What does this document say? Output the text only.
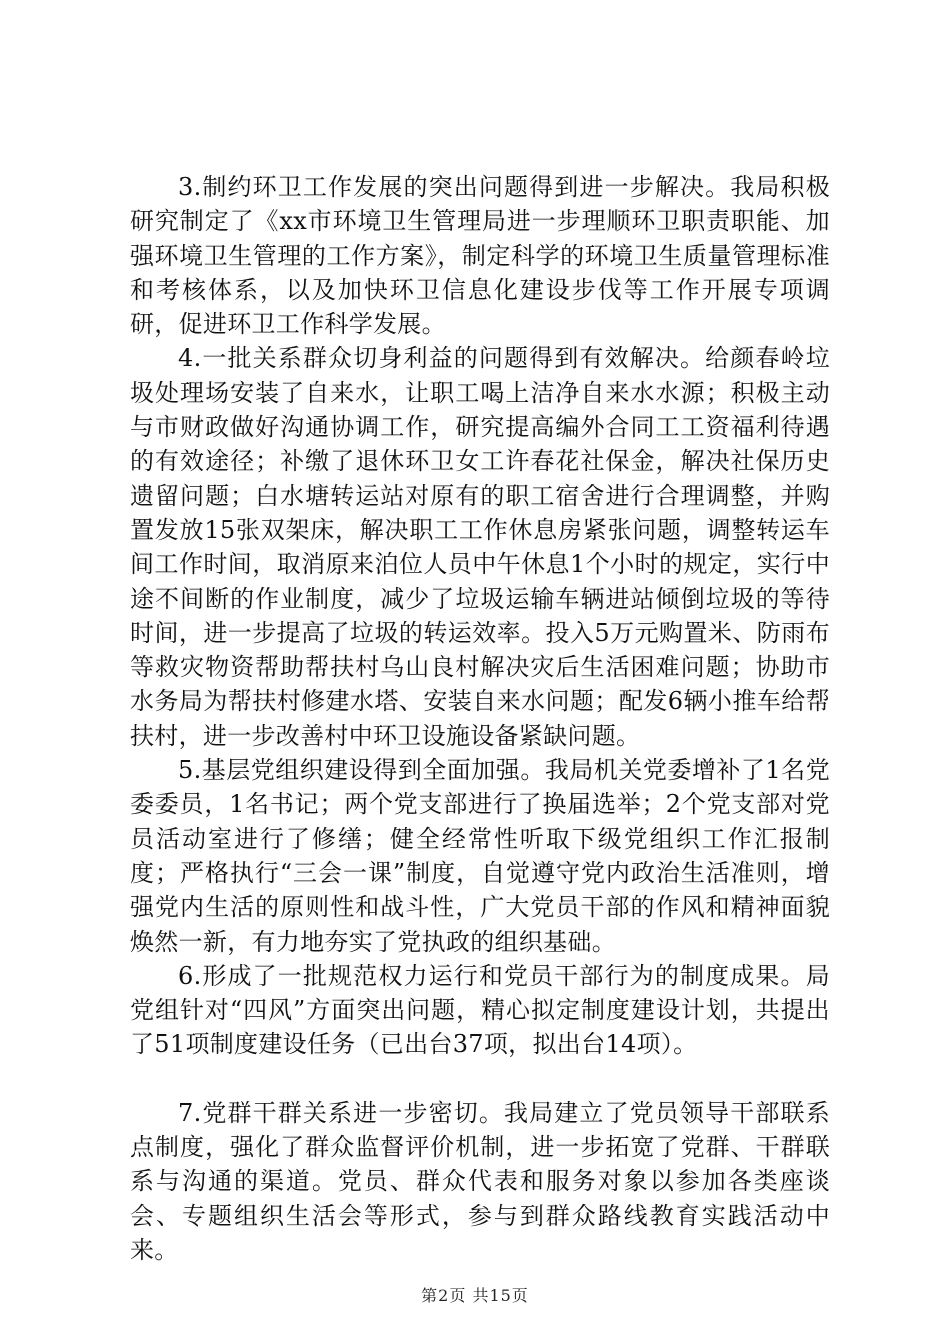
3.制约环卫工作发展的突出问题得到进一步解决。我局积极研究制定了《xx市环境卫生管理局进一步理顺环卫职责职能、加强环境卫生管理的工作方案》，制定科学的环境卫生质量管理标准和考核体系，以及加快环卫信息化建设步伐等工作开展专项调研，促进环卫工作科学发展。

4.一批关系群众切身利益的问题得到有效解决。给颜春岭垃圾处理场安装了自来水，让职工喝上洁净自来水水源；积极主动与市财政做好沟通协调工作，研究提高编外合同工工资福利待遇的有效途径；补缴了退休环卫女工许春花社保金，解决社保历史遗留问题；白水塘转运站对原有的职工宿舍进行合理调整，并购置发放15张双架床，解决职工工作休息房紧张问题，调整转运车间工作时间，取消原来泊位人员中午休息1个小时的规定，实行中途不间断的作业制度，减少了垃圾运输车辆进站倾倒垃圾的等待时间，进一步提高了垃圾的转运效率。投入5万元购置米、防雨布等救灾物资帮助帮扶村乌山良村解决灾后生活困难问题；协助市水务局为帮扶村修建水塔、安装自来水问题；配发6辆小推车给帮扶村，进一步改善村中环卫设施设备紧缺问题。

5.基层党组织建设得到全面加强。我局机关党委增补了1名党委委员，1名书记；两个党支部进行了换届选举；2个党支部对党员活动室进行了修缮；健全经常性听取下级党组织工作汇报制度；严格执行“三会一课”制度，自觉遵守党内政治生活准则，增强党内生活的原则性和战斗性，广大党员干部的作风和精神面貌焕然一新，有力地夯实了党执政的组织基础。

6.形成了一批规范权力运行和党员干部行为的制度成果。局党组针对“四风”方面突出问题，精心拟定制度建设计划，共提出了51项制度建设任务（已出台37项，拟出台14项）。

7.党群干群关系进一步密切。我局建立了党员领导干部联系点制度，强化了群众监督评价机制，进一步拓宽了党群、干群联系与沟通的渠道。党员、群众代表和服务对象以参加各类座谈会、专题组织生活会等形式，参与到群众路线教育实践活动中来。

第2页 共15页
